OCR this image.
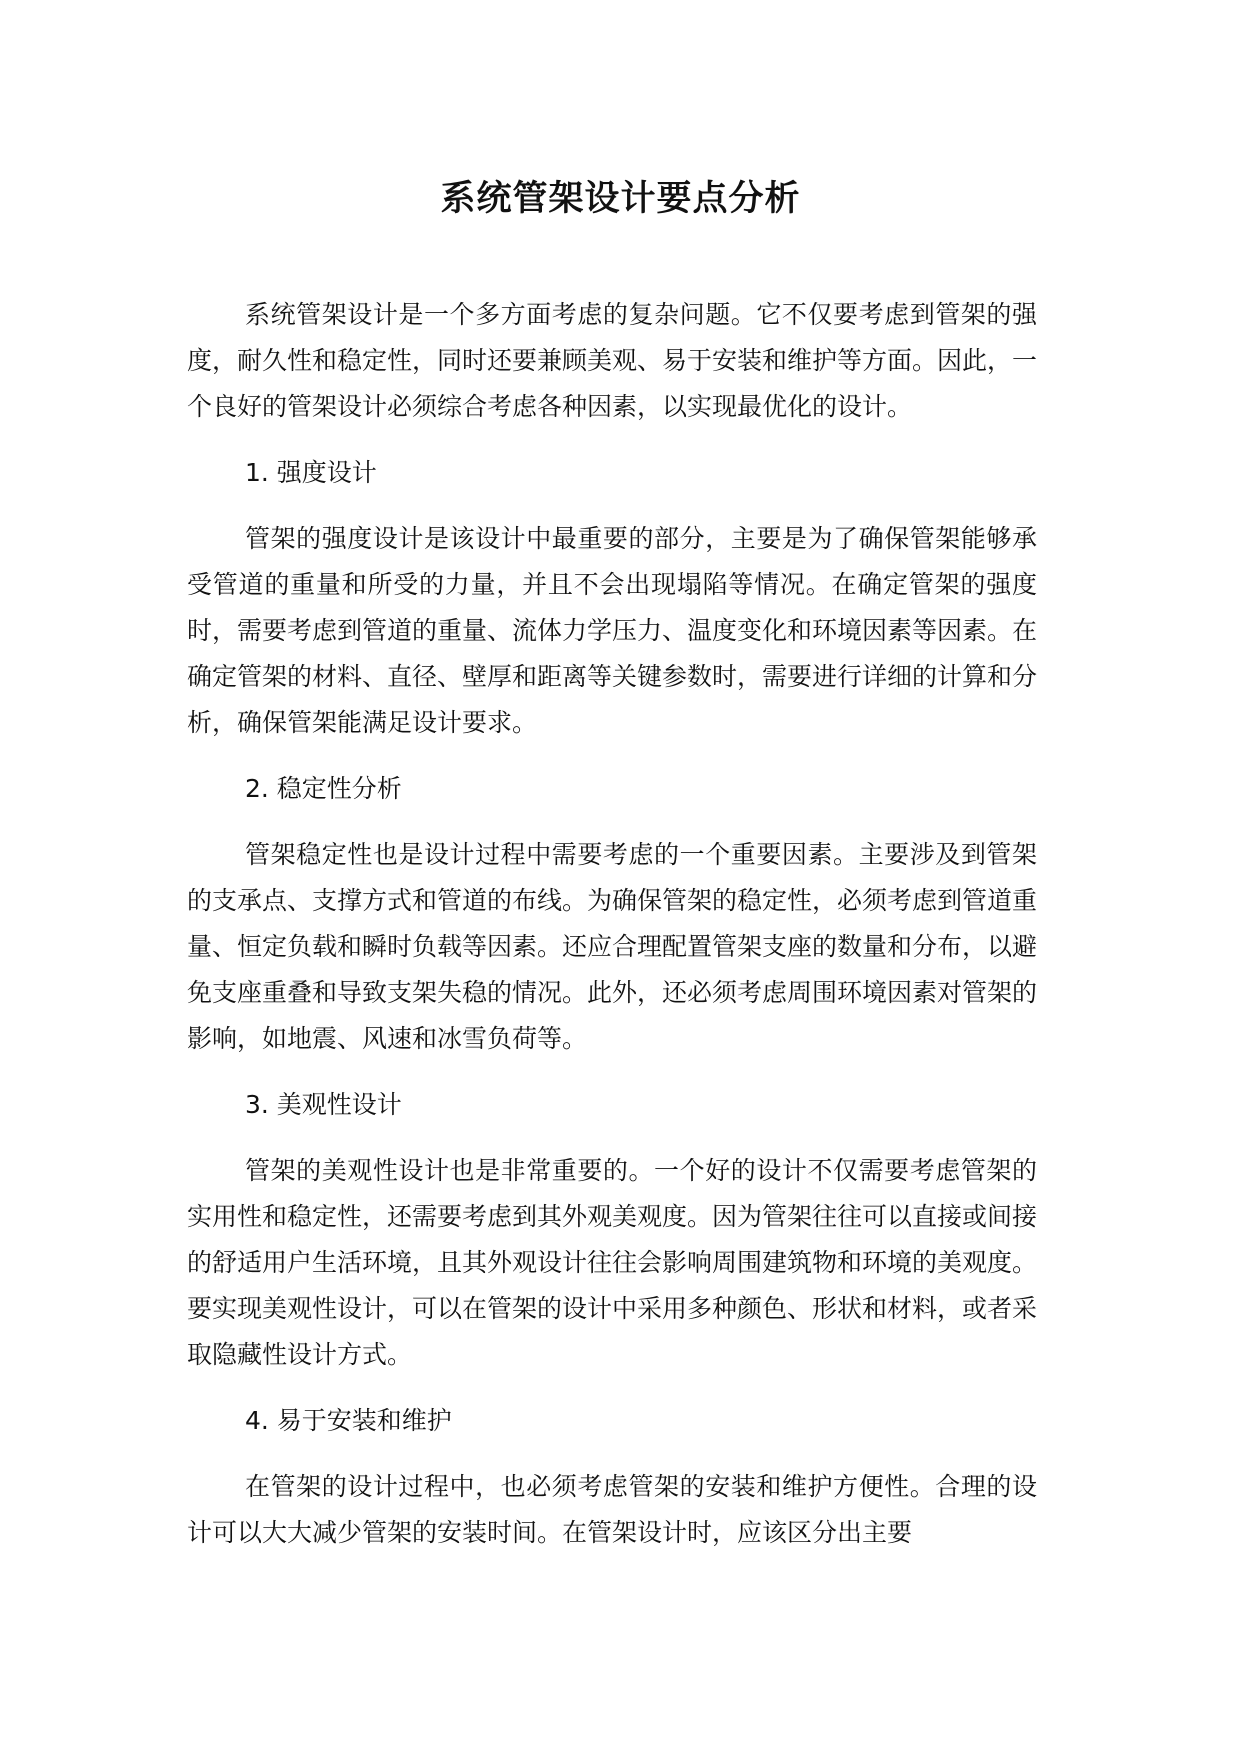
系统管架设计要点分析

系统管架设计是一个多方面考虑的复杂问题。它不仅要考虑到管架的强度，耐久性和稳定性，同时还要兼顾美观、易于安装和维护等方面。因此，一个良好的管架设计必须综合考虑各种因素，以实现最优化的设计。

1. 强度设计

管架的强度设计是该设计中最重要的部分，主要是为了确保管架能够承受管道的重量和所受的力量，并且不会出现塌陷等情况。在确定管架的强度时，需要考虑到管道的重量、流体力学压力、温度变化和环境因素等因素。在确定管架的材料、直径、壁厚和距离等关键参数时，需要进行详细的计算和分析，确保管架能满足设计要求。

2. 稳定性分析

管架稳定性也是设计过程中需要考虑的一个重要因素。主要涉及到管架的支承点、支撑方式和管道的布线。为确保管架的稳定性，必须考虑到管道重量、恒定负载和瞬时负载等因素。还应合理配置管架支座的数量和分布，以避免支座重叠和导致支架失稳的情况。此外，还必须考虑周围环境因素对管架的影响，如地震、风速和冰雪负荷等。

3. 美观性设计

管架的美观性设计也是非常重要的。一个好的设计不仅需要考虑管架的实用性和稳定性，还需要考虑到其外观美观度。因为管架往往可以直接或间接的舒适用户生活环境，且其外观设计往往会影响周围建筑物和环境的美观度。要实现美观性设计，可以在管架的设计中采用多种颜色、形状和材料，或者采取隐藏性设计方式。

4. 易于安装和维护

在管架的设计过程中，也必须考虑管架的安装和维护方便性。合理的设计可以大大减少管架的安装时间。在管架设计时，应该区分出主要
